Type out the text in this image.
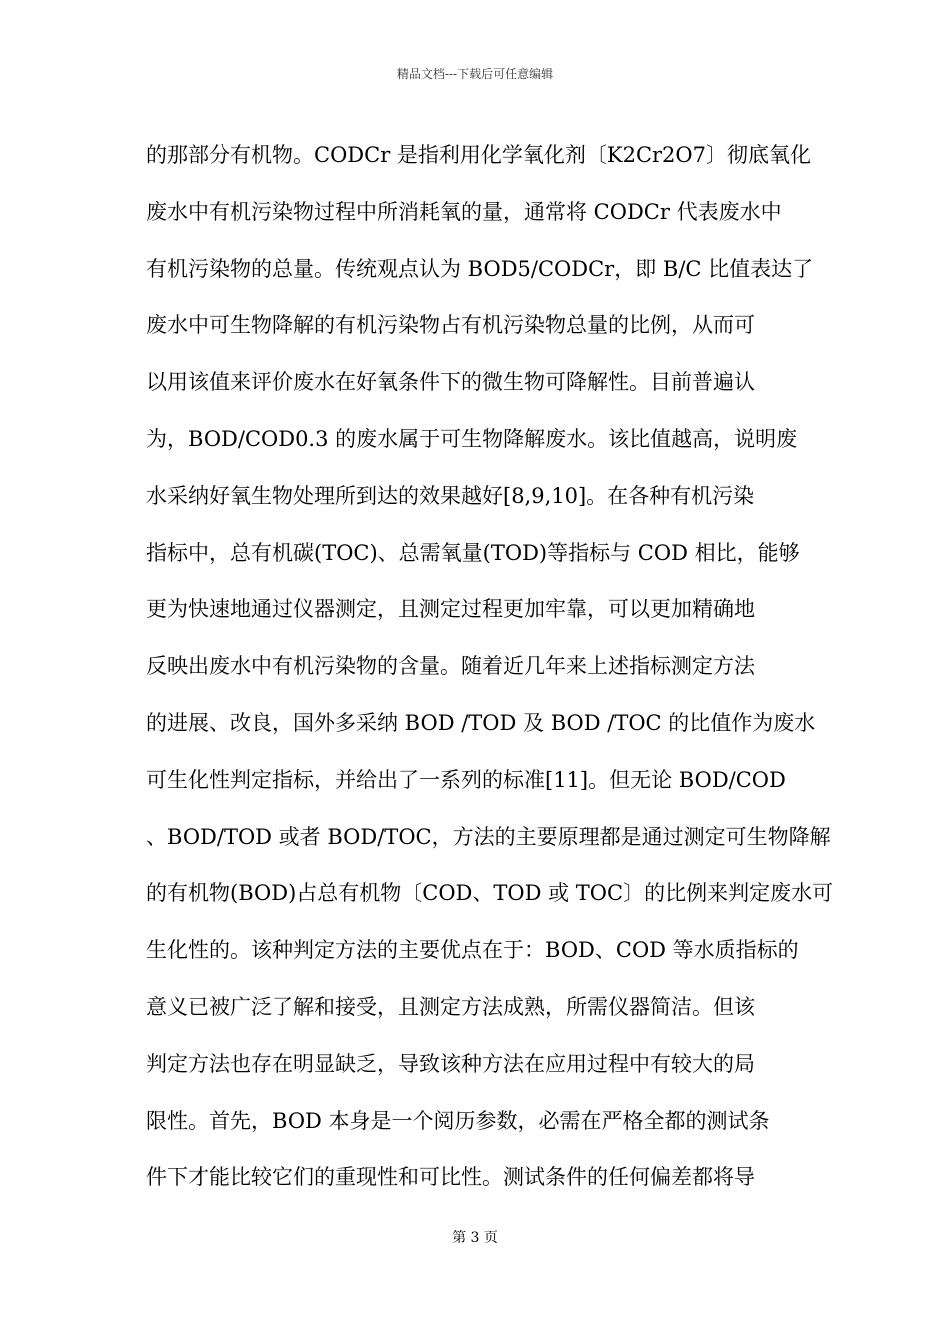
精品文档---下载后可任意编辑
的那部分有机物。CODCr 是指利用化学氧化剂〔K2Cr2O7〕彻底氧化
废水中有机污染物过程中所消耗氧的量，通常将 CODCr 代表废水中
有机污染物的总量。传统观点认为 BOD5/CODCr，即 B/C 比值表达了
废水中可生物降解的有机污染物占有机污染物总量的比例，从而可
以用该值来评价废水在好氧条件下的微生物可降解性。目前普遍认
为，BOD/COD0.3 的废水属于可生物降解废水。该比值越高，说明废
水采纳好氧生物处理所到达的效果越好[8,9,10]。在各种有机污染
指标中，总有机碳(TOC)、总需氧量(TOD)等指标与 COD 相比，能够
更为快速地通过仪器测定，且测定过程更加牢靠，可以更加精确地
反映出废水中有机污染物的含量。随着近几年来上述指标测定方法
的进展、改良，国外多采纳 BOD /TOD 及 BOD /TOC 的比值作为废水
可生化性判定指标，并给出了一系列的标准[11]。但无论 BOD/COD
、BOD/TOD 或者 BOD/TOC，方法的主要原理都是通过测定可生物降解
的有机物(BOD)占总有机物〔COD、TOD 或 TOC〕的比例来判定废水可
生化性的。该种判定方法的主要优点在于：BOD、COD 等水质指标的
意义已被广泛了解和接受，且测定方法成熟，所需仪器简洁。但该
判定方法也存在明显缺乏，导致该种方法在应用过程中有较大的局
限性。首先，BOD 本身是一个阅历参数，必需在严格全都的测试条
件下才能比较它们的重现性和可比性。测试条件的任何偏差都将导
第 3 页
